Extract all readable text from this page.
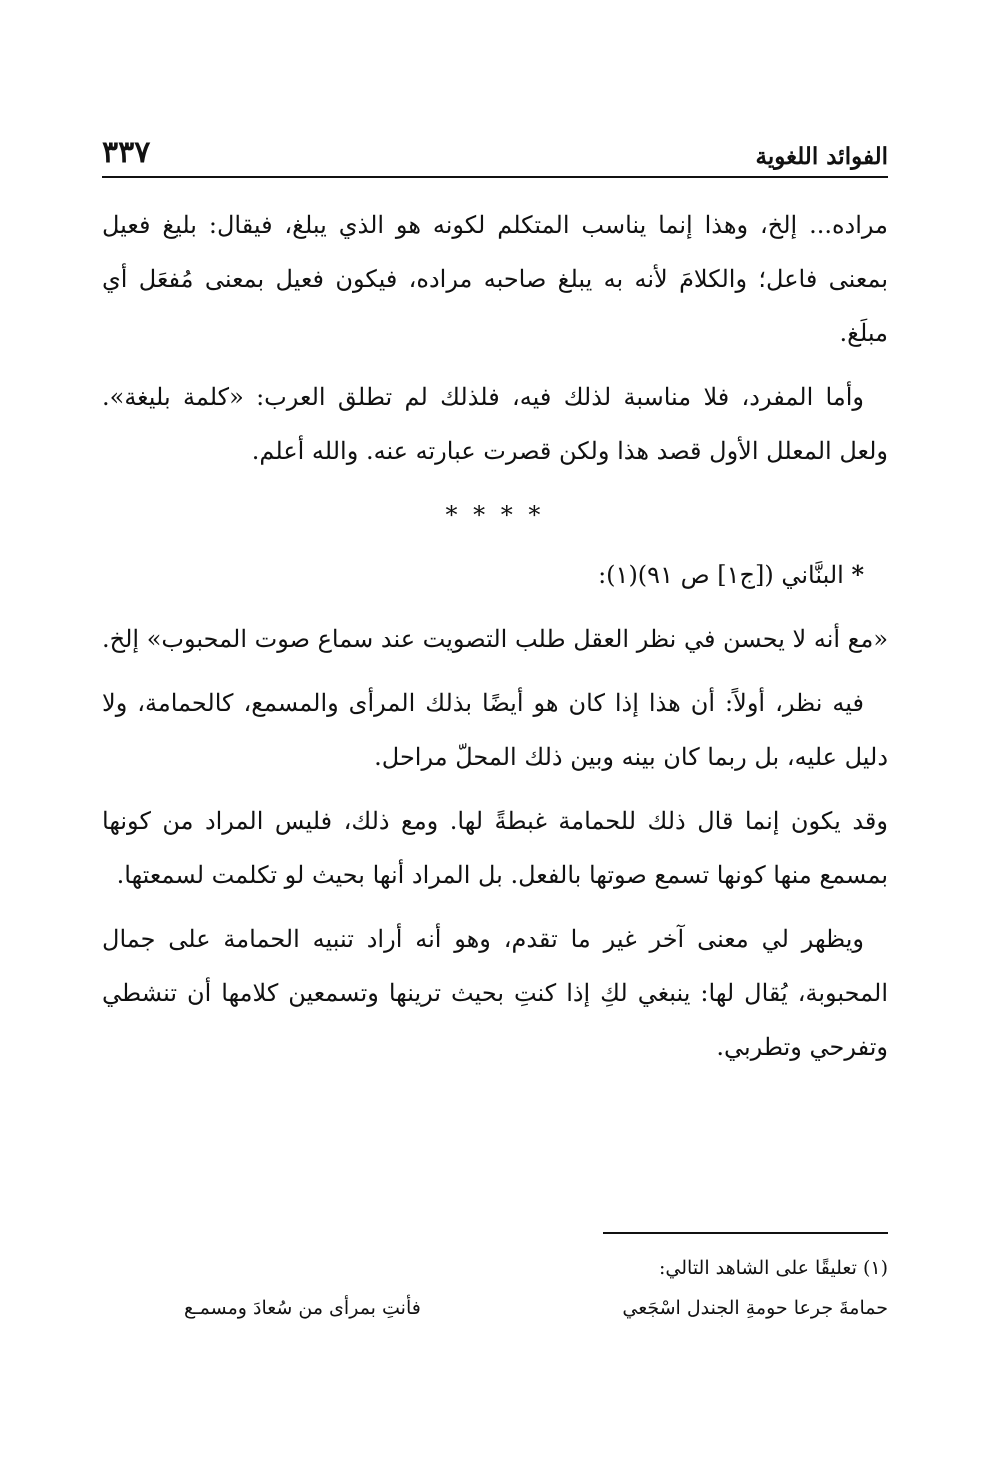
٣٣٧	الفوائد اللغوية

مراده... إلخ، وهذا إنما يناسب المتكلم لكونه هو الذي يبلغ، فيقال: بليغ فعيل بمعنى فاعل؛ والكلامَ لأنه به يبلغ صاحبه مراده، فيكون فعيل بمعنى مُفعَل أي مبلَغ.

وأما المفرد، فلا مناسبة لذلك فيه، فلذلك لم تطلق العرب: «كلمة بليغة». ولعل المعلل الأول قصد هذا ولكن قصرت عبارته عنه. والله أعلم.

* * * *

* البنَّاني ([ج١] ص ٩١)(١):

«مع أنه لا يحسن في نظر العقل طلب التصويت عند سماع صوت المحبوب» إلخ.

فيه نظر، أولاً: أن هذا إذا كان هو أيضًا بذلك المرأى والمسمع، كالحمامة، ولا دليل عليه، بل ربما كان بينه وبين ذلك المحلّ مراحل.

وقد يكون إنما قال ذلك للحمامة غبطةً لها. ومع ذلك، فليس المراد من كونها بمسمع منها كونها تسمع صوتها بالفعل. بل المراد أنها بحيث لو تكلمت لسمعتها.

ويظهر لي معنى آخر غير ما تقدم، وهو أنه أراد تنبيه الحمامة على جمال المحبوبة، يُقال لها: ينبغي لكِ إذا كنتِ بحيث ترينها وتسمعين كلامها أن تنشطي وتفرحي وتطربي.

(١) تعليقًا على الشاهد التالي:
حمامةَ جرعا حومةِ الجندل اسْجَعي
فأنتِ بمرأى من سُعادَ ومسمـع
